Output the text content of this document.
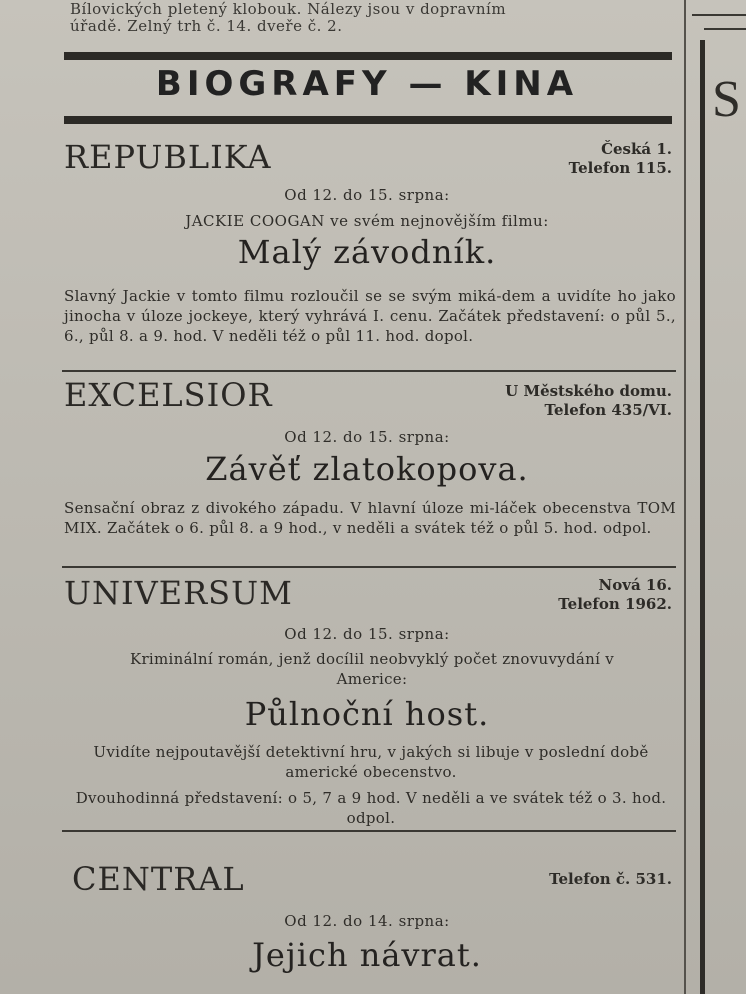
S
Bílovických pletený klobouk. Nálezy jsou v dopravním
úřadě. Zelný trh č. 14. dveře č. 2.
BIOGRAFY — KINA
REPUBLIKA	Česká 1.
Telefon 115.
Od 12. do 15. srpna:
JACKIE COOGAN ve svém nejnovějším filmu:
Malý závodník.
Slavný Jackie v tomto filmu rozloučil se se svým miká-dem a uvidíte ho jako jinocha v úloze jockeye, který vyhrává I. cenu. Začátek představení: o půl 5., 6., půl 8. a 9. hod. V neděli též o půl 11. hod. dopol.
EXCELSIOR	U Městského domu.
Telefon 435/VI.
Od 12. do 15. srpna:
Závěť zlatokopova.
Sensační obraz z divokého západu. V hlavní úloze mi-láček obecenstva TOM MIX. Začátek o 6. půl 8. a 9 hod., v neděli a svátek též o půl 5. hod. odpol.
UNIVERSUM	Nová 16.
Telefon 1962.
Od 12. do 15. srpna:
Kriminální román, jenž docílil neobvyklý počet znovuvydání v Americe:
Půlnoční host.
Uvidíte nejpoutavější detektivní hru, v jakých si libuje v poslední době americké obecenstvo.
Dvouhodinná představení: o 5, 7 a 9 hod. V neděli a ve svátek též o 3. hod. odpol.
CENTRAL	Telefon č. 531.
Od 12. do 14. srpna:
Jejich návrat.
